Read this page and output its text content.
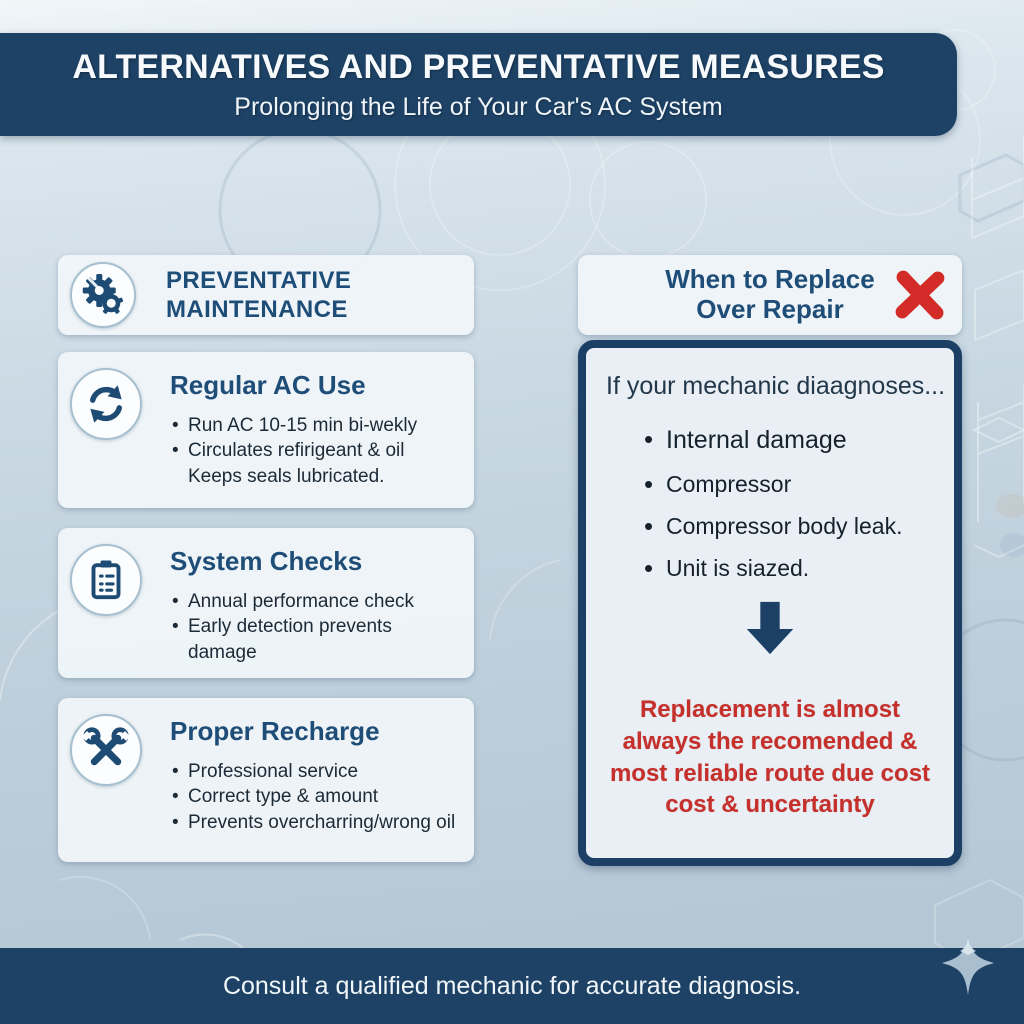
ALTERNATIVES AND PREVENTATIVE MEASURES
Prolonging the Life of Your Car's AC System
PREVENTATIVE
MAINTENANCE
Regular AC Use
• Run AC 10-15 min bi-wekly
• Circulates refirigeant & oil
Keeps seals lubricated.
System Checks
• Annual performance check
• Early detection prevents damage
Proper Recharge
• Professional service
• Correct type & amount
• Prevents overcharring/wrong oil
When to Replace
Over Repair
If your mechanic diaagnoses...
• Internal damage
• Compressor
• Compressor body leak.
• Unit is siazed.
Replacement is almost
always the recomended &
most reliable route due cost
cost & uncertainty
Consult a qualified mechanic for accurate diagnosis.
